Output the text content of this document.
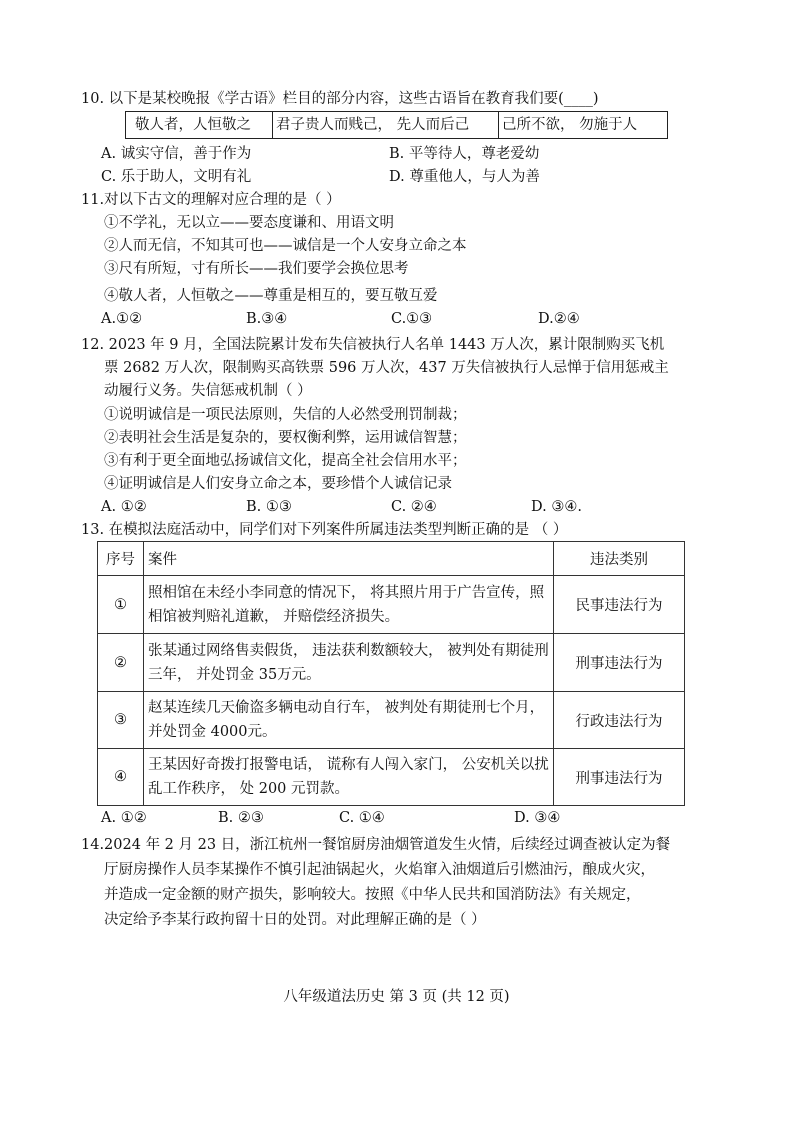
10. 以下是某校晚报《学古语》栏目的部分内容，这些古语旨在教育我们要(____)
敬人者，人恒敬之 君子贵人而贱己， 先人而后己 己所不欲， 勿施于人
A. 诚实守信，善于作为	B. 平等待人，尊老爱幼
C. 乐于助人，文明有礼	D. 尊重他人，与人为善
11.对以下古文的理解对应合理的是（ ）
①不学礼，无以立——要态度谦和、用语文明
②人而无信，不知其可也——诚信是一个人安身立命之本
③尺有所短，寸有所长——我们要学会换位思考
④敬人者，人恒敬之——尊重是相互的，要互敬互爱
A.①②	B.③④	C.①③	D.②④
12. 2023 年 9 月，全国法院累计发布失信被执行人名单 1443 万人次，累计限制购买飞机
票 2682 万人次，限制购买高铁票 596 万人次，437 万失信被执行人忌惮于信用惩戒主
动履行义务。失信惩戒机制（ ）
①说明诚信是一项民法原则，失信的人必然受刑罚制裁；
②表明社会生活是复杂的，要权衡利弊，运用诚信智慧；
③有利于更全面地弘扬诚信文化，提高全社会信用水平；
④证明诚信是人们安身立命之本，要珍惜个人诚信记录
A. ①②	B. ①③	C. ②④	D. ③④.
13. 在模拟法庭活动中，同学们对下列案件所属违法类型判断正确的是 （ ）
序号	案件	违法类别
①	照相馆在未经小李同意的情况下， 将其照片用于广告宣传，照相馆被判赔礼道歉， 并赔偿经济损失。	民事违法行为
②	张某通过网络售卖假货， 违法获利数额较大， 被判处有期徒刑三年， 并处罚金 35万元。	刑事违法行为
③	赵某连续几天偷盗多辆电动自行车， 被判处有期徒刑七个月，并处罚金 4000元。	行政违法行为
④	王某因好奇拨打报警电话， 谎称有人闯入家门， 公安机关以扰乱工作秩序， 处 200 元罚款。	刑事违法行为
A. ①②	B. ②③	C. ①④	D. ③④
14.2024 年 2 月 23 日，浙江杭州一餐馆厨房油烟管道发生火情，后续经过调查被认定为餐
厅厨房操作人员李某操作不慎引起油锅起火，火焰窜入油烟道后引燃油污，酿成火灾，
并造成一定金额的财产损失，影响较大。按照《中华人民共和国消防法》有关规定，
决定给予李某行政拘留十日的处罚。对此理解正确的是（ ）
八年级道法历史 第 3 页 (共 12 页)
